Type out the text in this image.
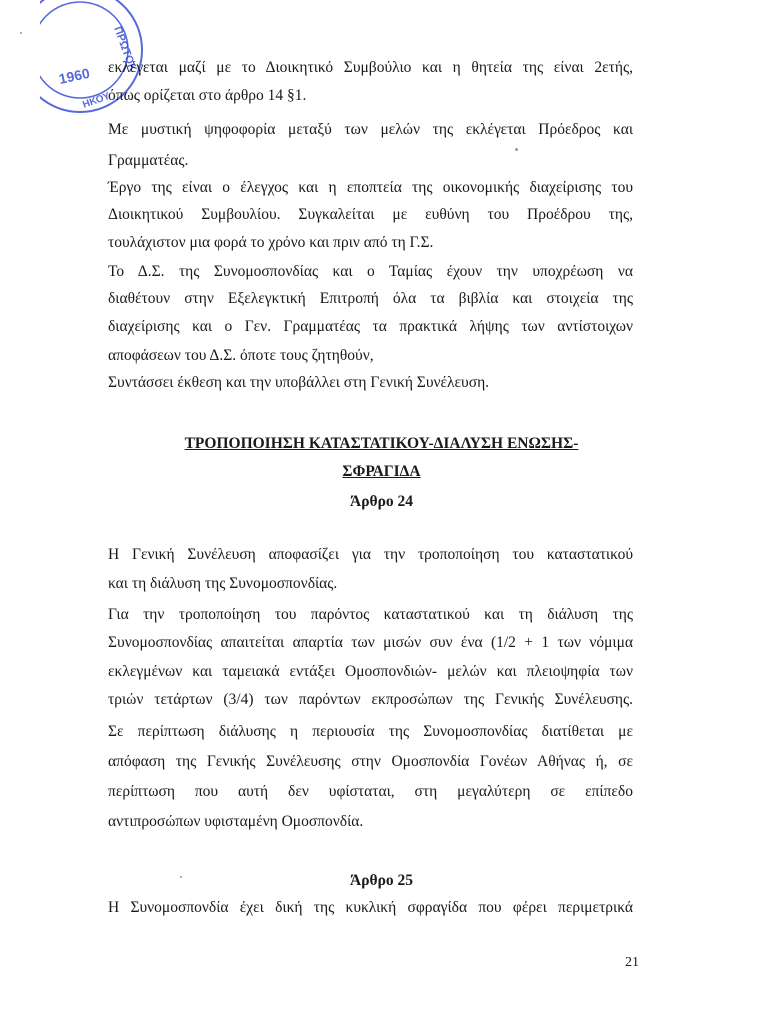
ΠΡΩΤΟΚ
1960
ΗΚΟΥ
εκλέγεται μαζί με το Διοικητικό Συμβούλιο και η θητεία της είναι 2ετής,
όπως ορίζεται στο άρθρο 14 §1.
Με μυστική ψηφοφορία μεταξύ των μελών της εκλέγεται Πρόεδρος και
Γραμματέας.
Έργο της είναι ο έλεγχος και η εποπτεία της οικονομικής διαχείρισης του
Διοικητικού Συμβουλίου. Συγκαλείται με ευθύνη του Προέδρου της,
τουλάχιστον μια φορά το χρόνο και πριν από τη Γ.Σ.
Το Δ.Σ. της Συνομοσπονδίας και ο Ταμίας έχουν την υποχρέωση να
διαθέτουν στην Εξελεγκτική Επιτροπή όλα τα βιβλία και στοιχεία της
διαχείρισης και ο Γεν. Γραμματέας τα πρακτικά λήψης των αντίστοιχων
αποφάσεων του Δ.Σ. όποτε τους ζητηθούν,
Συντάσσει έκθεση και την υποβάλλει στη Γενική Συνέλευση.
ΤΡΟΠΟΠΟΙΗΣΗ ΚΑΤΑΣΤΑΤΙΚΟΥ-ΔΙΑΛΥΣΗ ΕΝΩΣΗΣ-
ΣΦΡΑΓΙΔΑ
Άρθρο 24
Η Γενική Συνέλευση αποφασίζει για την τροποποίηση του καταστατικού
και τη διάλυση της Συνομοσπονδίας.
Για την τροποποίηση του παρόντος καταστατικού και τη διάλυση της
Συνομοσπονδίας απαιτείται απαρτία των μισών συν ένα (1/2 + 1 των νόμιμα
εκλεγμένων και ταμειακά εντάξει Ομοσπονδιών- μελών και πλειοψηφία των
τριών τετάρτων (3/4) των παρόντων εκπροσώπων της Γενικής Συνέλευσης.
Σε περίπτωση διάλυσης η περιουσία της Συνομοσπονδίας διατίθεται με
απόφαση της Γενικής Συνέλευσης στην Ομοσπονδία Γονέων Αθήνας ή, σε
περίπτωση που αυτή δεν υφίσταται, στη μεγαλύτερη σε επίπεδο
αντιπροσώπων υφισταμένη Ομοσπονδία.
Άρθρο 25
Η Συνομοσπονδία έχει δική της κυκλική σφραγίδα που φέρει περιμετρικά
21
